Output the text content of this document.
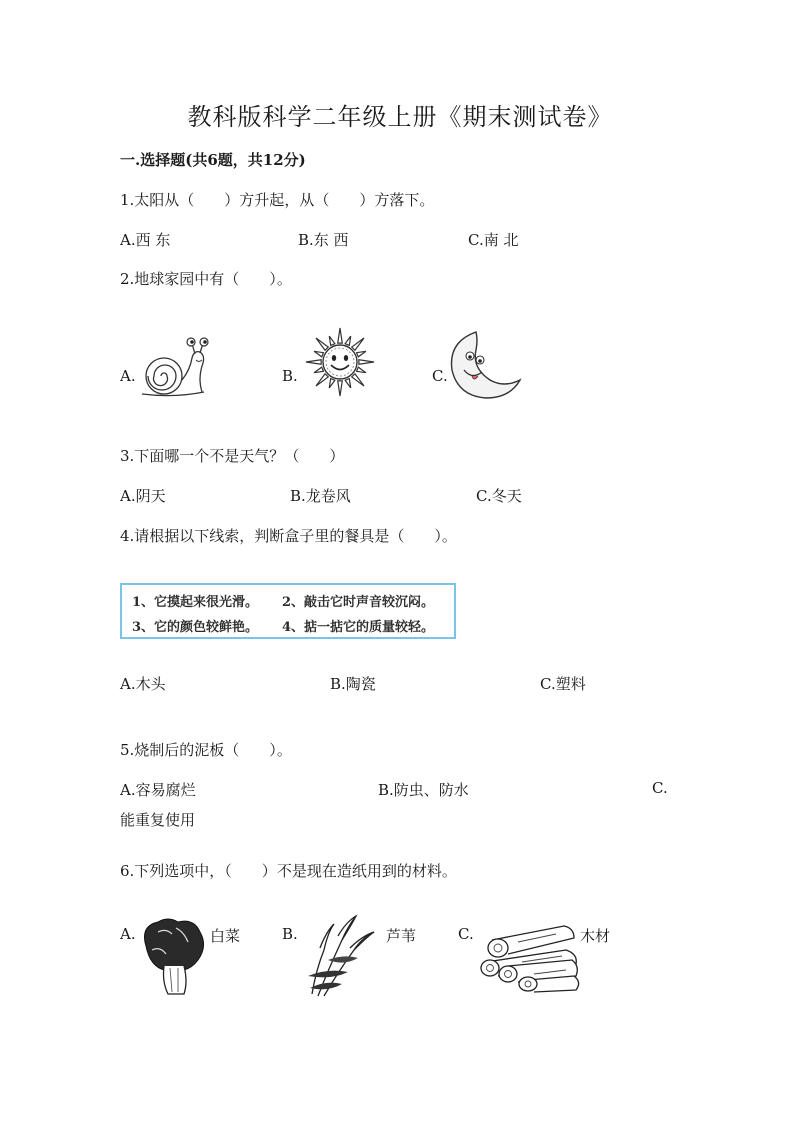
教科版科学二年级上册《期末测试卷》
一.选择题(共6题，共12分)
1.太阳从（　　）方升起，从（　　）方落下。
A.西 东	B.东 西	C.南 北
2.地球家园中有（　　）。
A.	B.	C.
3.下面哪一个不是天气？（　　）
A.阴天	B.龙卷风	C.冬天
4.请根据以下线索，判断盒子里的餐具是（　　）。
1、它摸起来很光滑。 2、敲击它时声音较沉闷。
3、它的颜色较鲜艳。 4、掂一掂它的质量较轻。
A.木头	B.陶瓷	C.塑料
5.烧制后的泥板（　　）。
A.容易腐烂	B.防虫、防水	C.
能重复使用
6.下列选项中，（　　）不是现在造纸用到的材料。
A.	白菜	B.	芦苇	C.	木材
